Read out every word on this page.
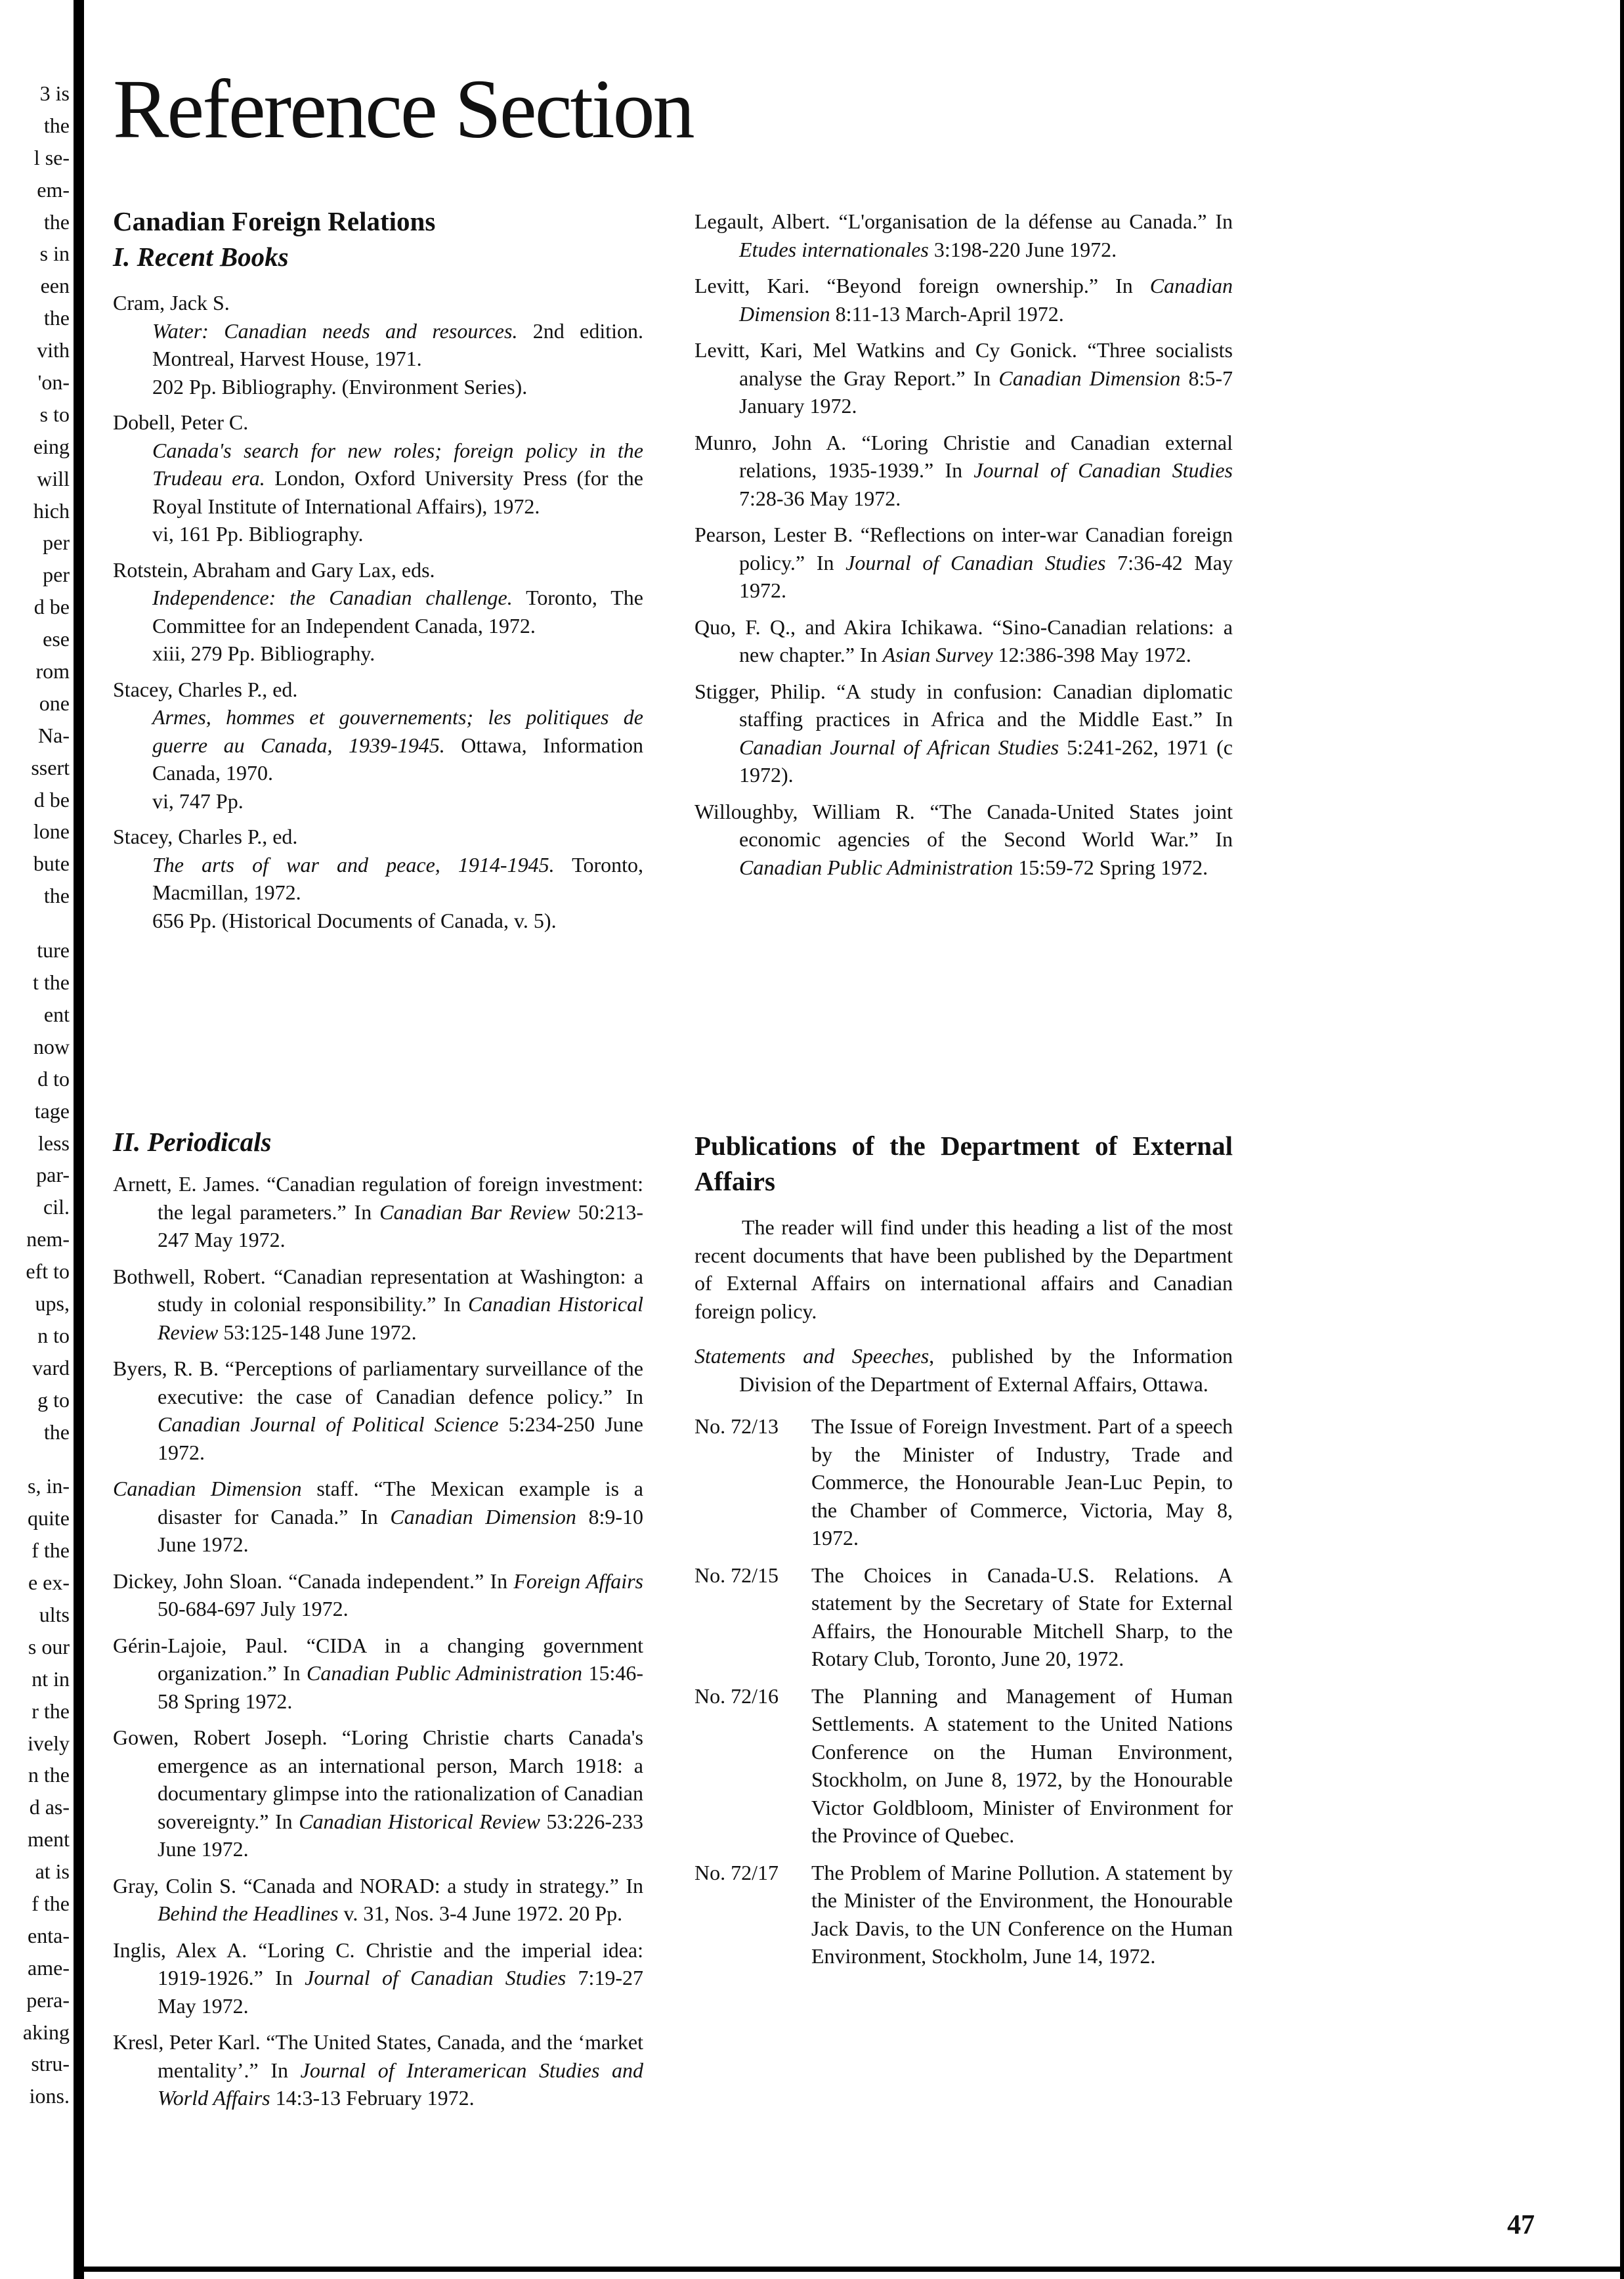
3 is
the
l se-
em-
the
s in
een
the
vith
'on-
s to
eing
will
hich
per
per
d be
ese
rom
one
Na-
ssert
d be
lone
bute
the
ture
t the
ent
now
d to
tage
less
par-
cil.
nem-
eft to
ups,
n to
vard
g to
the
s, in-
quite
f the
e ex-
ults
s our
nt in
r the
ively
n the
d as-
ment
at is
f the
enta-
ame-
pera-
aking
stru-
ions.
Reference Section
Canadian Foreign Relations
I. Recent Books
Cram, Jack S.
Water: Canadian needs and resources. 2nd edition. Montreal, Harvest House, 1971.
202 Pp. Bibliography. (Environment Series).
Dobell, Peter C.
Canada's search for new roles; foreign policy in the Trudeau era. London, Oxford University Press (for the Royal Institute of International Affairs), 1972.
vi, 161 Pp. Bibliography.
Rotstein, Abraham and Gary Lax, eds.
Independence: the Canadian challenge. Toronto, The Committee for an Independent Canada, 1972.
xiii, 279 Pp. Bibliography.
Stacey, Charles P., ed.
Armes, hommes et gouvernements; les politiques de guerre au Canada, 1939-1945. Ottawa, Information Canada, 1970.
vi, 747 Pp.
Stacey, Charles P., ed.
The arts of war and peace, 1914-1945. Toronto, Macmillan, 1972.
656 Pp. (Historical Documents of Canada, v. 5).
II. Periodicals
Arnett, E. James. “Canadian regulation of foreign investment: the legal parameters.” In Canadian Bar Review 50:213-247 May 1972.
Bothwell, Robert. “Canadian representation at Washington: a study in colonial responsibility.” In Canadian Historical Review 53:125-148 June 1972.
Byers, R. B. “Perceptions of parliamentary surveillance of the executive: the case of Canadian defence policy.” In Canadian Journal of Political Science 5:234-250 June 1972.
Canadian Dimension staff. “The Mexican example is a disaster for Canada.” In Canadian Dimension 8:9-10 June 1972.
Dickey, John Sloan. “Canada independent.” In Foreign Affairs 50-684-697 July 1972.
Gérin-Lajoie, Paul. “CIDA in a changing government organization.” In Canadian Public Administration 15:46-58 Spring 1972.
Gowen, Robert Joseph. “Loring Christie charts Canada's emergence as an international person, March 1918: a documentary glimpse into the rationalization of Canadian sovereignty.” In Canadian Historical Review 53:226-233 June 1972.
Gray, Colin S. “Canada and NORAD: a study in strategy.” In Behind the Headlines v. 31, Nos. 3-4 June 1972. 20 Pp.
Inglis, Alex A. “Loring C. Christie and the imperial idea: 1919-1926.” In Journal of Canadian Studies 7:19-27 May 1972.
Kresl, Peter Karl. “The United States, Canada, and the ‘market mentality’.” In Journal of Interamerican Studies and World Affairs 14:3-13 February 1972.
Legault, Albert. “L'organisation de la défense au Canada.” In Etudes internationales 3:198-220 June 1972.
Levitt, Kari. “Beyond foreign ownership.” In Canadian Dimension 8:11-13 March-April 1972.
Levitt, Kari, Mel Watkins and Cy Gonick. “Three socialists analyse the Gray Report.” In Canadian Dimension 8:5-7 January 1972.
Munro, John A. “Loring Christie and Canadian external relations, 1935-1939.” In Journal of Canadian Studies 7:28-36 May 1972.
Pearson, Lester B. “Reflections on inter-war Canadian foreign policy.” In Journal of Canadian Studies 7:36-42 May 1972.
Quo, F. Q., and Akira Ichikawa. “Sino-Canadian relations: a new chapter.” In Asian Survey 12:386-398 May 1972.
Stigger, Philip. “A study in confusion: Canadian diplomatic staffing practices in Africa and the Middle East.” In Canadian Journal of African Studies 5:241-262, 1971 (c 1972).
Willoughby, William R. “The Canada-United States joint economic agencies of the Second World War.” In Canadian Public Administration 15:59-72 Spring 1972.
Publications of the Department of External Affairs

The reader will find under this heading a list of the most recent documents that have been published by the Department of External Affairs on international affairs and Canadian foreign policy.

Statements and Speeches, published by the Information Division of the Department of External Affairs, Ottawa.
No. 72/13	The Issue of Foreign Investment. Part of a speech by the Minister of Industry, Trade and Commerce, the Honourable Jean-Luc Pepin, to the Chamber of Commerce, Victoria, May 8, 1972.
No. 72/15	The Choices in Canada-U.S. Relations. A statement by the Secretary of State for External Affairs, the Honourable Mitchell Sharp, to the Rotary Club, Toronto, June 20, 1972.
No. 72/16	The Planning and Management of Human Settlements. A statement to the United Nations Conference on the Human Environment, Stockholm, on June 8, 1972, by the Honourable Victor Goldbloom, Minister of Environment for the Province of Quebec.
No. 72/17	The Problem of Marine Pollution. A statement by the Minister of the Environment, the Honourable Jack Davis, to the UN Conference on the Human Environment, Stockholm, June 14, 1972.
47
